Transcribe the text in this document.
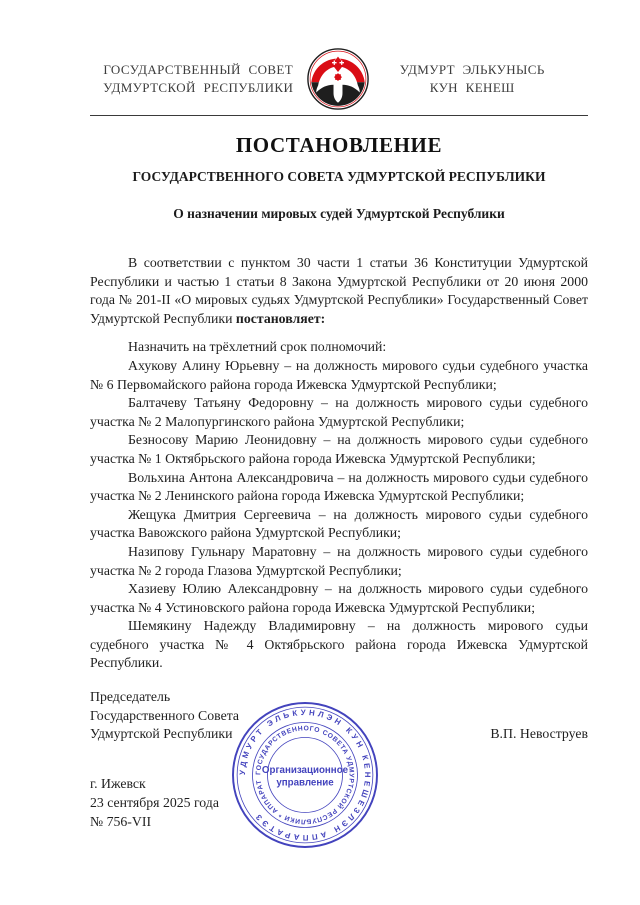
ГОСУДАРСТВЕННЫЙ СОВЕТ
УДМУРТСКОЙ РЕСПУБЛИКИ
УДМУРТ ЭЛЬКУНЫСЬ
КУН КЕНЕШ
ПОСТАНОВЛЕНИЕ
ГОСУДАРСТВЕННОГО СОВЕТА УДМУРТСКОЙ РЕСПУБЛИКИ
О назначении мировых судей Удмуртской Республики

В соответствии с пунктом 30 части 1 статьи 36 Конституции Удмуртской Республики и частью 1 статьи 8 Закона Удмуртской Республики от 20 июня 2000 года № 201-II «О мировых судьях Удмуртской Республики» Государственный Совет Удмуртской Республики постановляет:

Назначить на трёхлетний срок полномочий:

Ахукову Алину Юрьевну – на должность мирового судьи судебного участка № 6 Первомайского района города Ижевска Удмуртской Республики;

Балтачеву Татьяну Федоровну – на должность мирового судьи судебного участка № 2 Малопургинского района Удмуртской Республики;

Безносову Марию Леонидовну – на должность мирового судьи судебного участка № 1 Октябрьского района города Ижевска Удмуртской Республики;

Вольхина Антона Александровича – на должность мирового судьи судебного участка № 2 Ленинского района города Ижевска Удмуртской Республики;

Жещука Дмитрия Сергеевича – на должность мирового судьи судебного участка Вавожского района Удмуртской Республики;

Назипову Гульнару Маратовну – на должность мирового судьи судебного участка № 2 города Глазова Удмуртской Республики;

Хазиеву Юлию Александровну – на должность мирового судьи судебного участка № 4 Устиновского района города Ижевска Удмуртской Республики;

Шемякину Надежду Владимировну – на должность мирового судьи судебного участка № 4 Октябрьского района города Ижевска Удмуртской Республики.

Председатель
Государственного Совета
Удмуртской Республики	В.П. Невоструев
г. Ижевск
23 сентября 2025 года
№ 756-VII
УДМУРТ ЭЛЬКУНЛЭН КУН КЕНЕШЕЗЛЭН АППАРАТЭЗ
ГОСУДАРСТВЕННОГО СОВЕТА УДМУРТСКОЙ РЕСПУБЛИКИ * АППАРАТ
Организационное
управление
